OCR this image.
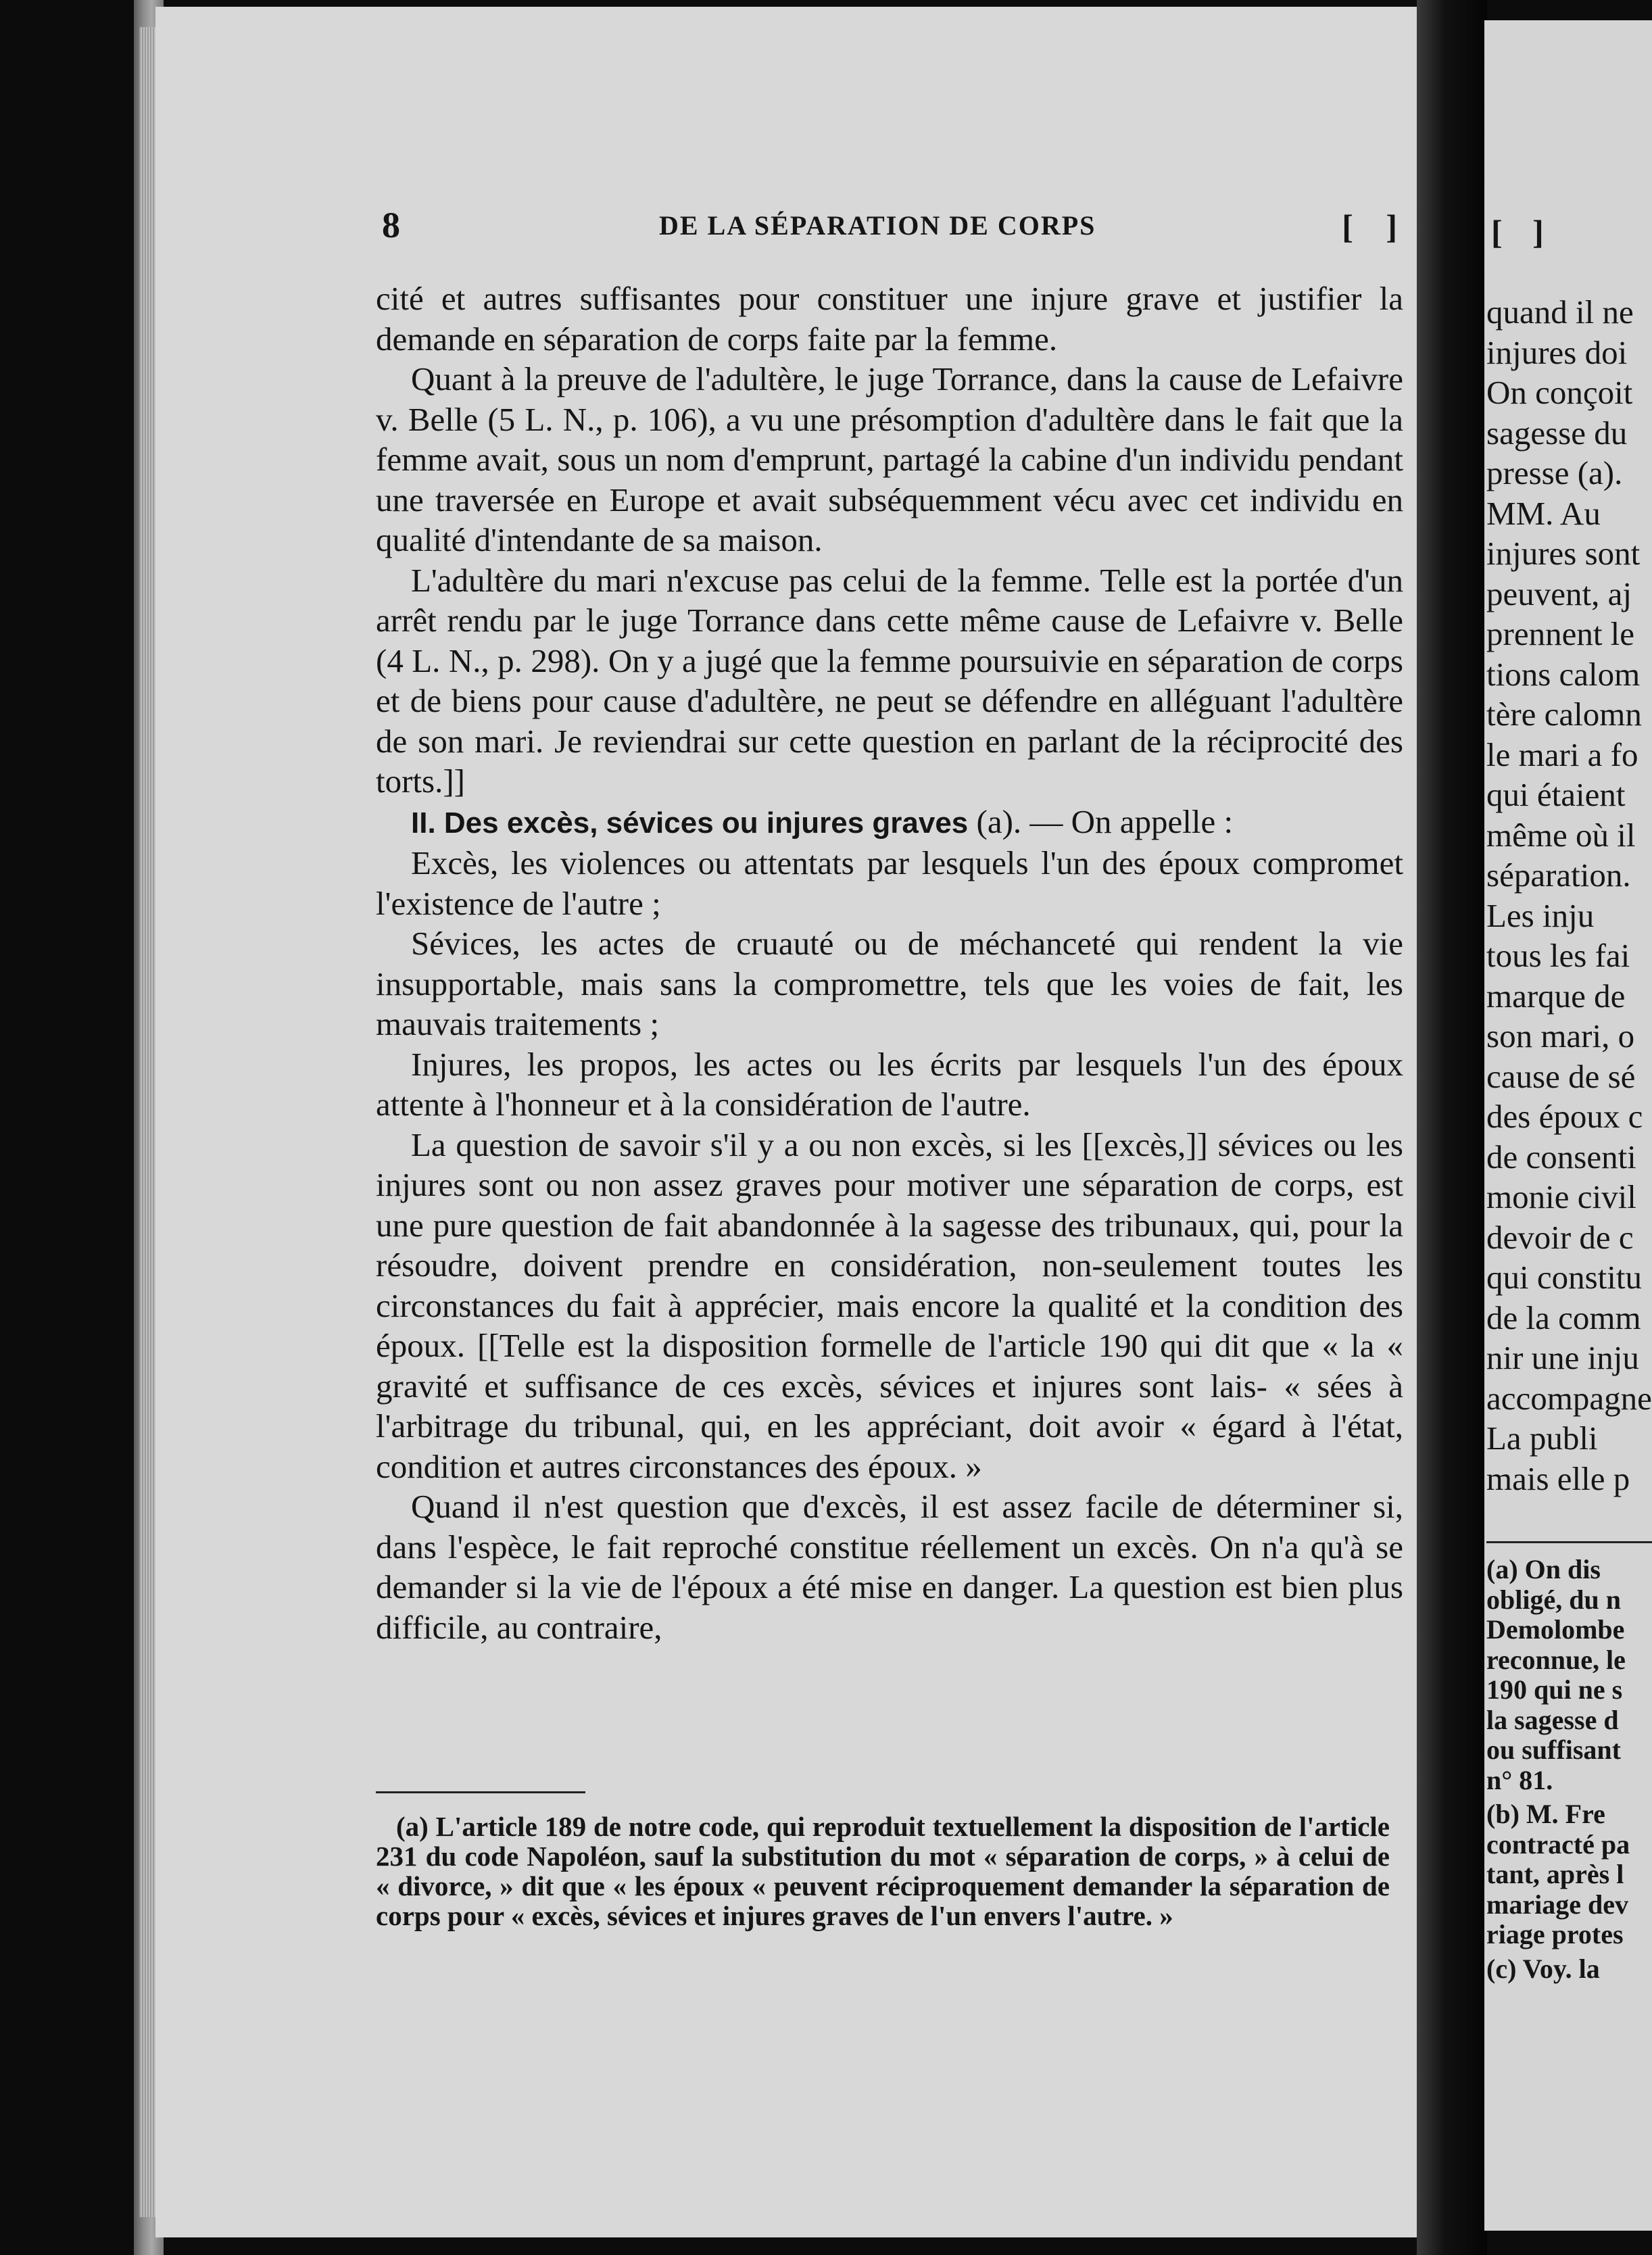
8	DE LA SÉPARATION DE CORPS	[ ]

cité et autres suffisantes pour constituer une injure grave et justifier la demande en séparation de corps faite par la femme.

Quant à la preuve de l'adultère, le juge Torrance, dans la cause de Lefaivre v. Belle (5 L. N., p. 106), a vu une présomption d'adultère dans le fait que la femme avait, sous un nom d'emprunt, partagé la cabine d'un individu pendant une traversée en Europe et avait subséquemment vécu avec cet individu en qualité d'intendante de sa maison.

L'adultère du mari n'excuse pas celui de la femme. Telle est la portée d'un arrêt rendu par le juge Torrance dans cette même cause de Lefaivre v. Belle (4 L. N., p. 298). On y a jugé que la femme poursuivie en séparation de corps et de biens pour cause d'adultère, ne peut se défendre en alléguant l'adultère de son mari. Je reviendrai sur cette question en parlant de la réciprocité des torts.]]

II. Des excès, sévices ou injures graves (a). — On appelle :

Excès, les violences ou attentats par lesquels l'un des époux compromet l'existence de l'autre ;

Sévices, les actes de cruauté ou de méchanceté qui rendent la vie insupportable, mais sans la compromettre, tels que les voies de fait, les mauvais traitements ;

Injures, les propos, les actes ou les écrits par lesquels l'un des époux attente à l'honneur et à la considération de l'autre.

La question de savoir s'il y a ou non excès, si les [[excès,]] sévices ou les injures sont ou non assez graves pour motiver une séparation de corps, est une pure question de fait abandonnée à la sagesse des tribunaux, qui, pour la résoudre, doivent prendre en considération, non-seulement toutes les circonstances du fait à apprécier, mais encore la qualité et la condition des époux. [[Telle est la disposition formelle de l'article 190 qui dit que « la « gravité et suffisance de ces excès, sévices et injures sont lais- « sées à l'arbitrage du tribunal, qui, en les appréciant, doit avoir « égard à l'état, condition et autres circonstances des époux. »

Quand il n'est question que d'excès, il est assez facile de déterminer si, dans l'espèce, le fait reproché constitue réellement un excès. On n'a qu'à se demander si la vie de l'époux a été mise en danger. La question est bien plus difficile, au contraire,

(a) L'article 189 de notre code, qui reproduit textuellement la disposition de l'article 231 du code Napoléon, sauf la substitution du mot « séparation de corps, » à celui de « divorce, » dit que « les époux « peuvent réciproquement demander la séparation de corps pour « excès, sévices et injures graves de l'un envers l'autre. »

[ ]
quand il ne
injures doi
On conçoit
sagesse du
presse (a).
MM. Au
injures sont
peuvent, aj
prennent le
tions calom
tère calomn
le mari a fo
qui étaient
même où il
séparation.
Les inju
tous les fai
marque de
son mari, o
cause de sé
des époux c
de consenti
monie civil
devoir de c
qui constitu
de la comm
nir une inju
accompagne
La publi
mais elle p
(a) On dis
obligé, du n
Demolombe
reconnue, le
190 qui ne s
la sagesse d
ou suffisant
n° 81.
(b) M. Fre
contracté pa
tant, après l
mariage dev
riage protes
(c) Voy. la
